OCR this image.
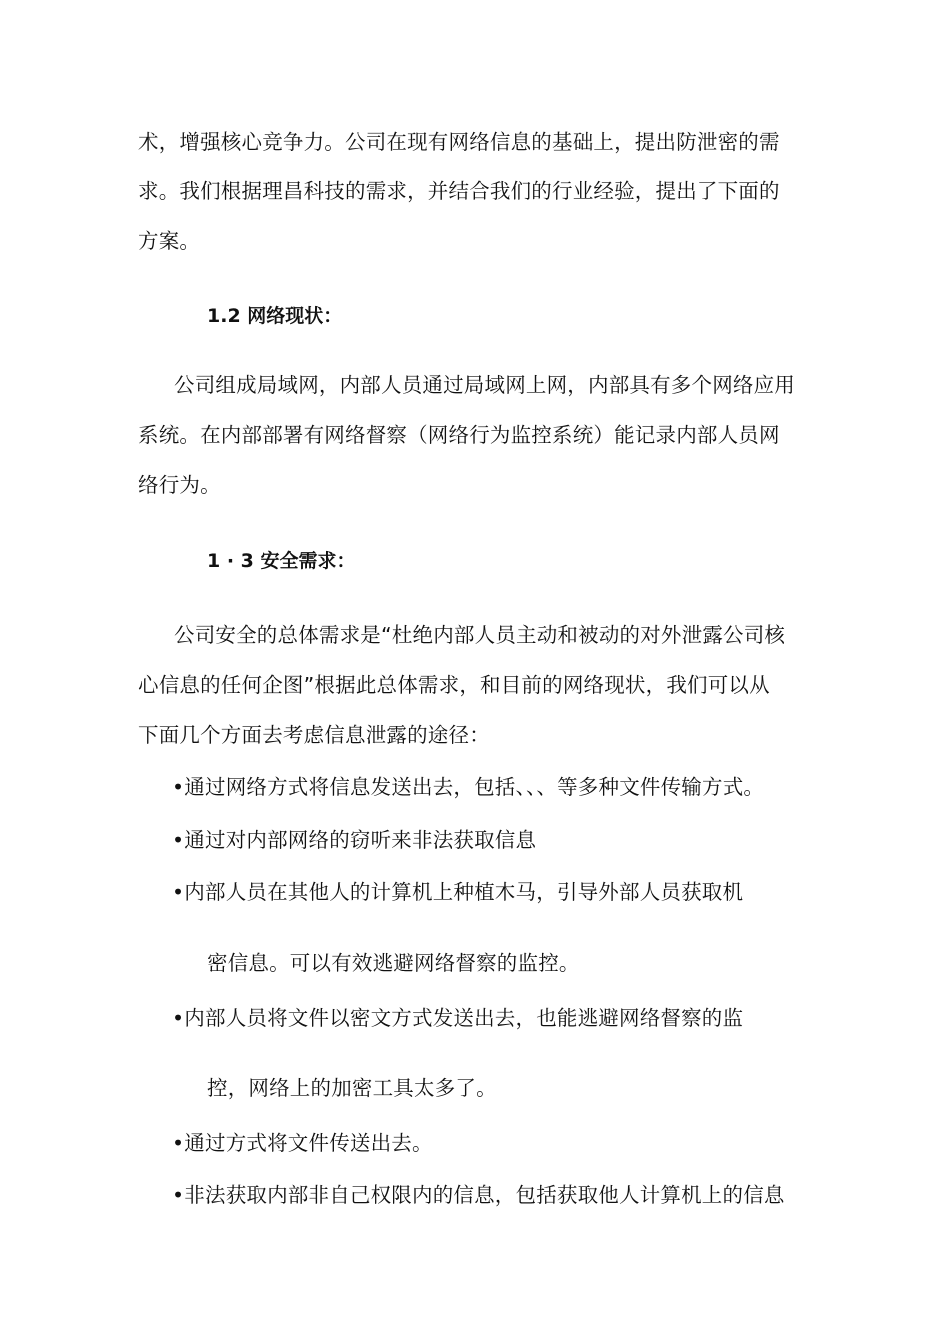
术，增强核心竞争力。公司在现有网络信息的基础上，提出防泄密的需
求。我们根据理昌科技的需求，并结合我们的行业经验，提出了下面的
方案。
1.2 网络现状：
公司组成局域网，内部人员通过局域网上网，内部具有多个网络应用
系统。在内部部署有网络督察（网络行为监控系统）能记录内部人员网
络行为。
1 · 3 安全需求：
公司安全的总体需求是“杜绝内部人员主动和被动的对外泄露公司核
心信息的任何企图”根据此总体需求，和目前的网络现状，我们可以从
下面几个方面去考虑信息泄露的途径：
•通过网络方式将信息发送出去，包括、、、等多种文件传输方式。
•通过对内部网络的窃听来非法获取信息
•内部人员在其他人的计算机上种植木马，引导外部人员获取机
密信息。可以有效逃避网络督察的监控。
•内部人员将文件以密文方式发送出去，也能逃避网络督察的监
控，网络上的加密工具太多了。
•通过方式将文件传送出去。
•非法获取内部非自己权限内的信息，包括获取他人计算机上的信息
